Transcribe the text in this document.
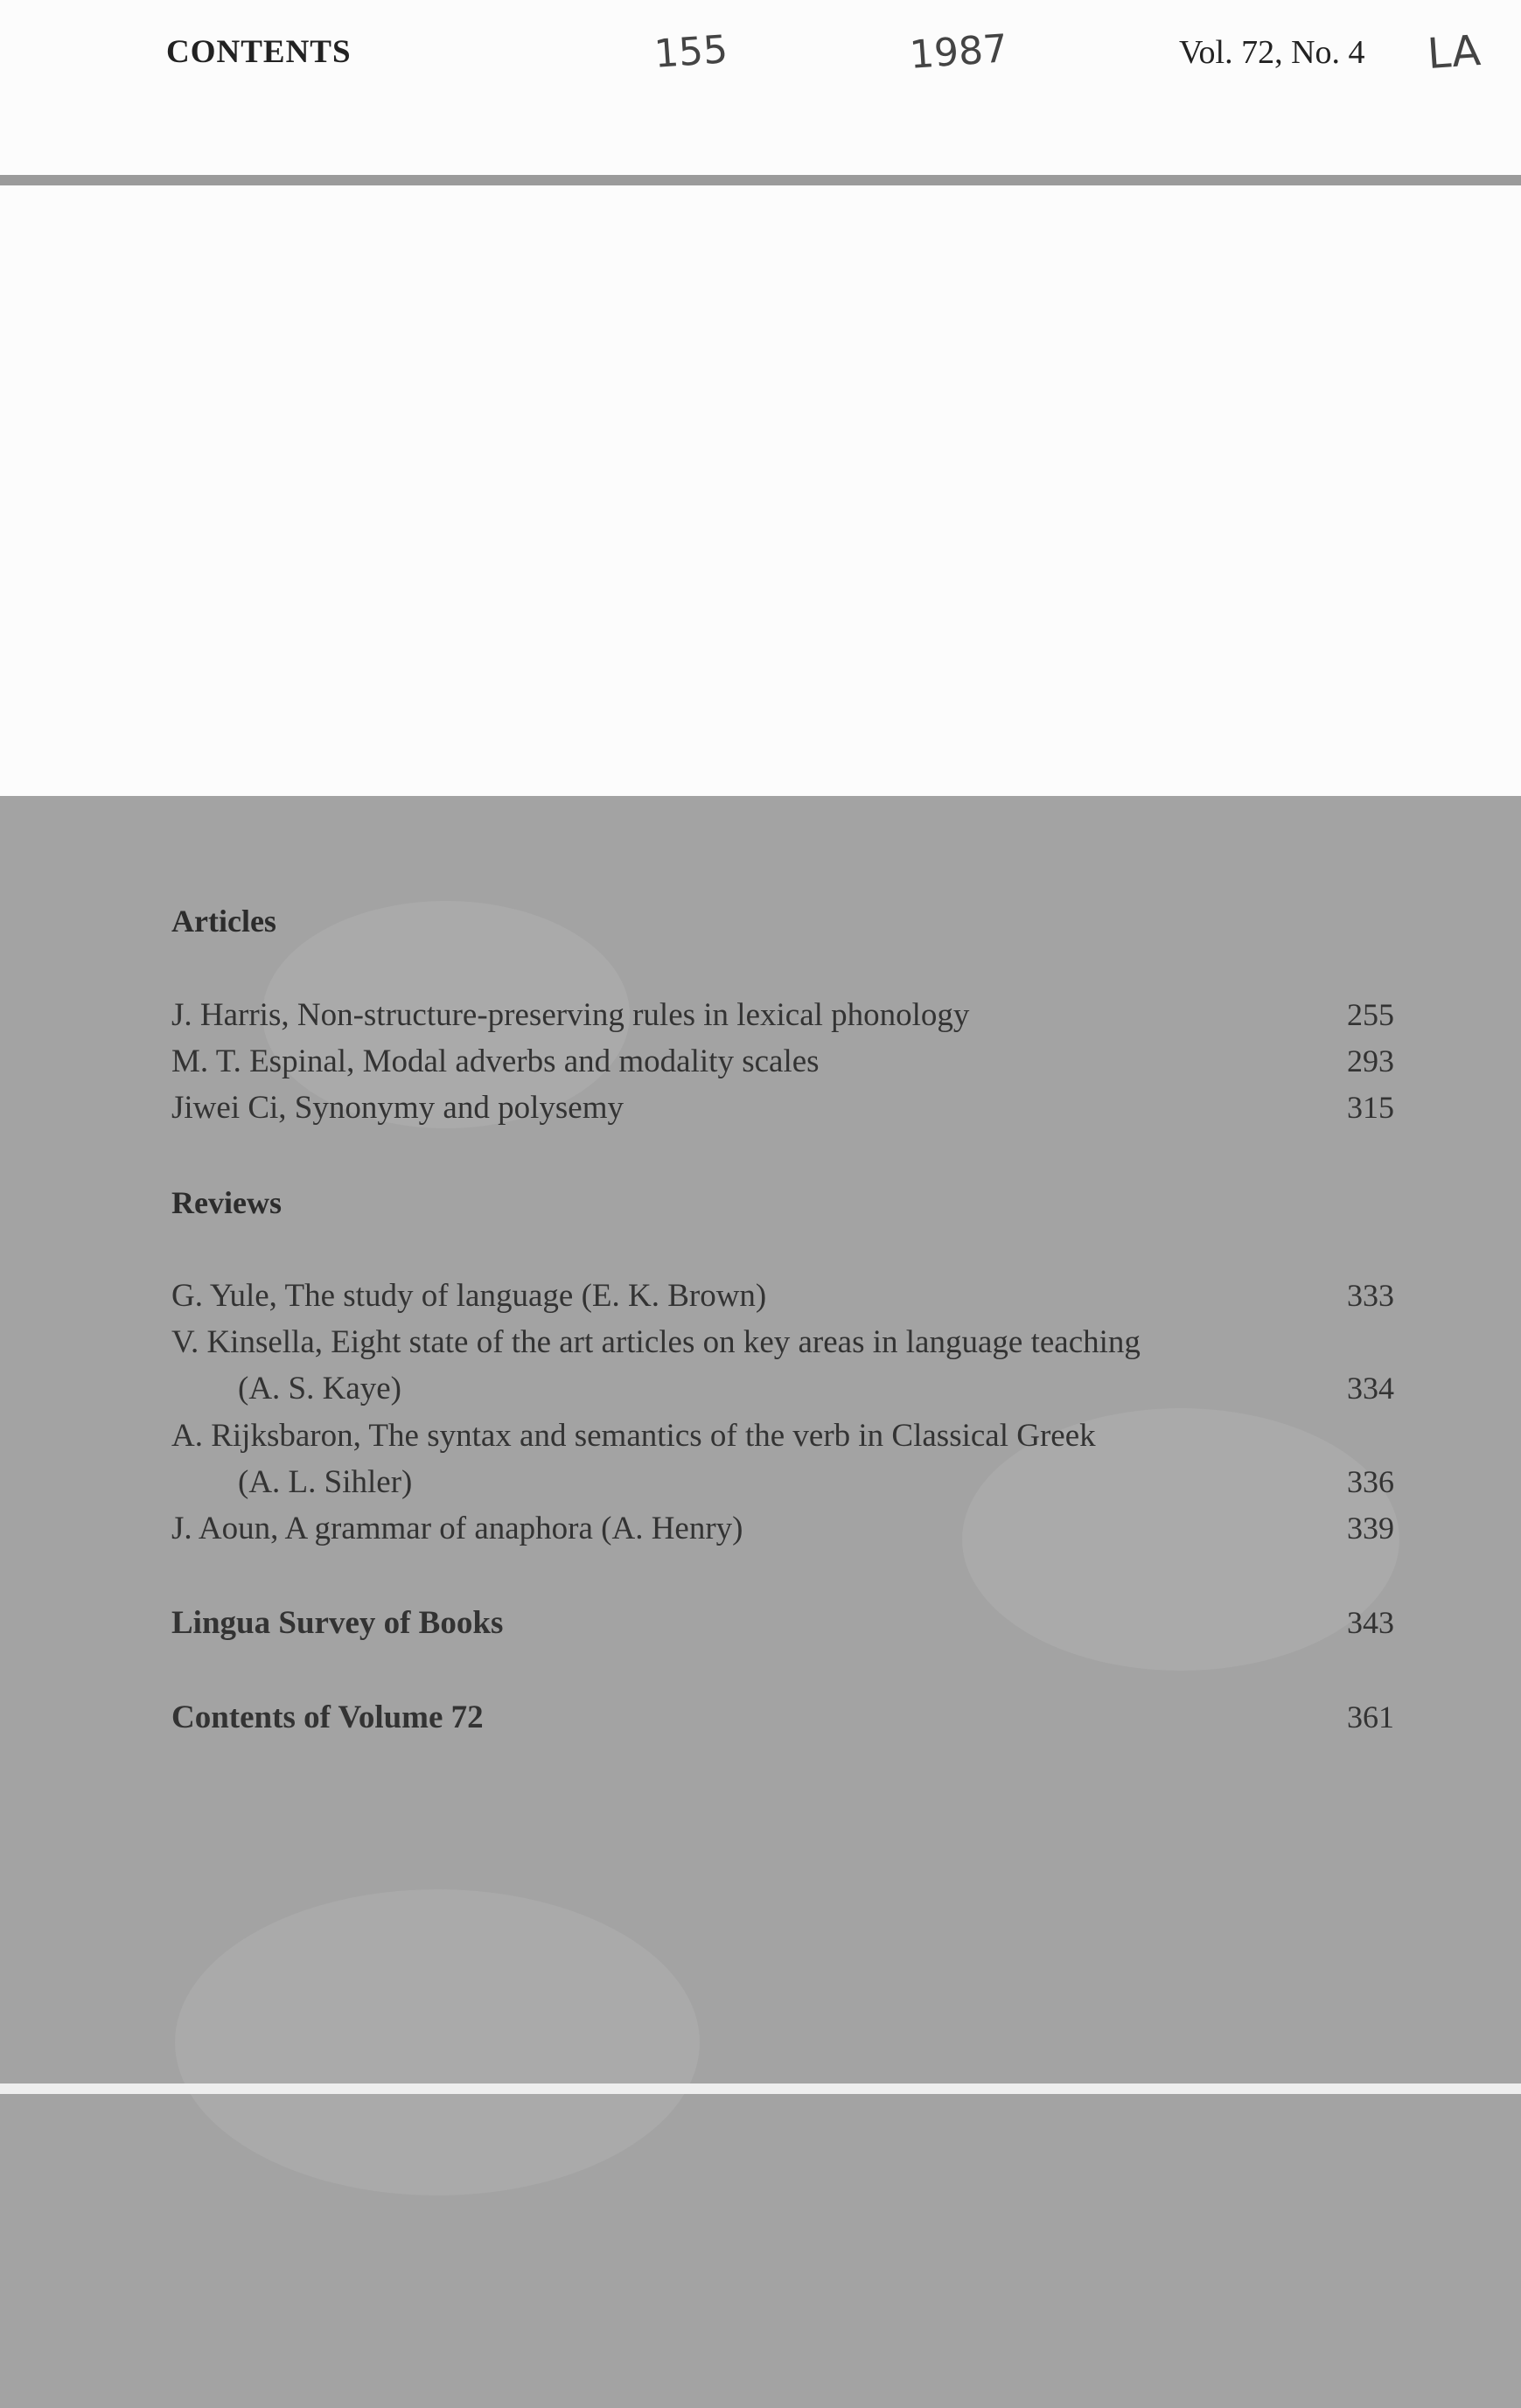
CONTENTS	Vol. 72, No. 4
155	1987	LA
Articles
J. Harris, Non-structure-preserving rules in lexical phonology	255
M. T. Espinal, Modal adverbs and modality scales	293
Jiwei Ci, Synonymy and polysemy	315
Reviews
G. Yule, The study of language (E. K. Brown)	333
V. Kinsella, Eight state of the art articles on key areas in language teaching
(A. S. Kaye)	334
A. Rijksbaron, The syntax and semantics of the verb in Classical Greek
(A. L. Sihler)	336
J. Aoun, A grammar of anaphora (A. Henry)	339
Lingua Survey of Books	343
Contents of Volume 72	361
